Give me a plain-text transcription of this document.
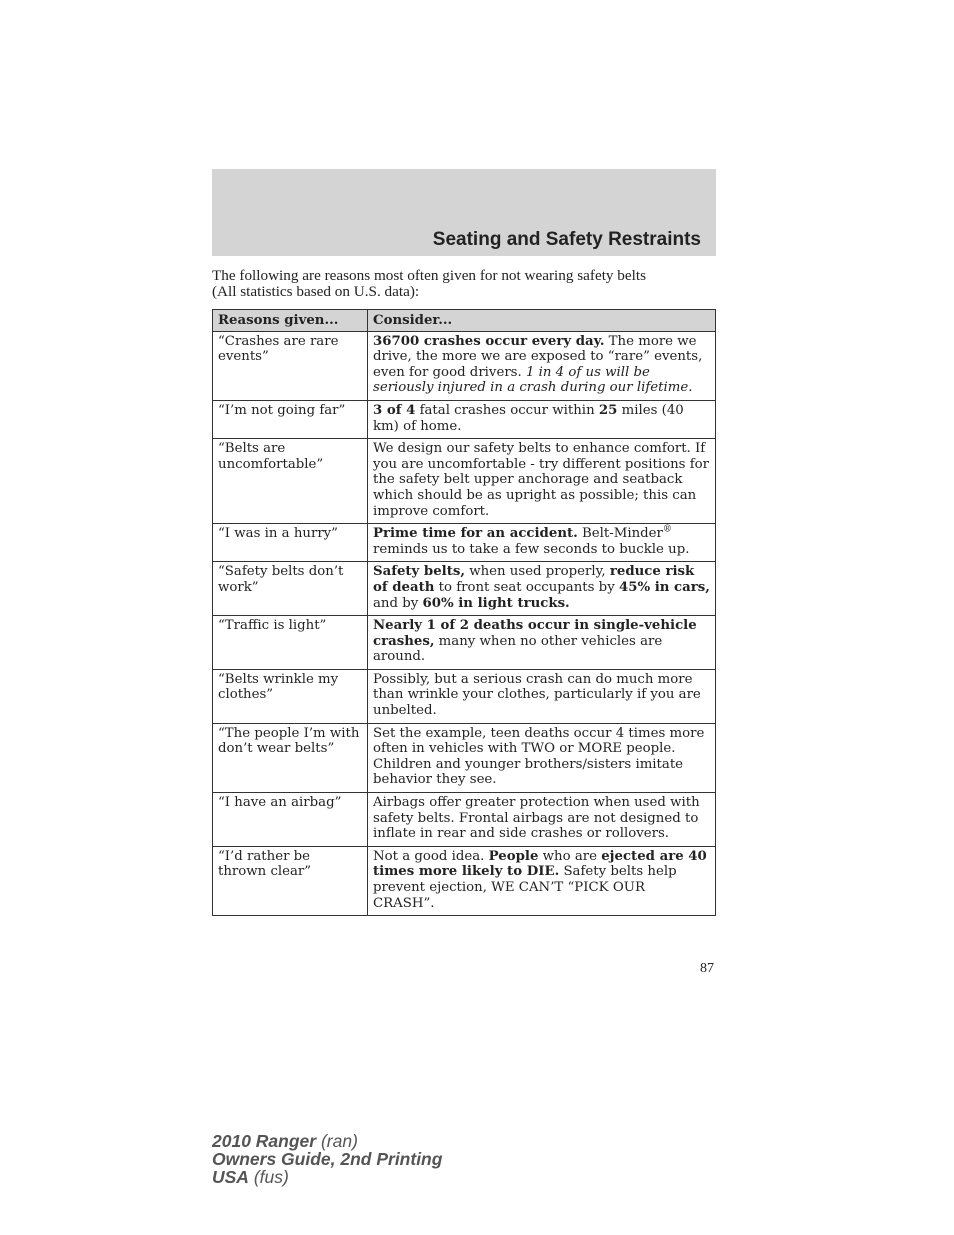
Seating and Safety Restraints

The following are reasons most often given for not wearing safety belts
(All statistics based on U.S. data):

Reasons given...	Consider...
“Crashes are rare events”	36700 crashes occur every day. The more we drive, the more we are exposed to “rare” events, even for good drivers. 1 in 4 of us will be seriously injured in a crash during our lifetime.
“I’m not going far”	3 of 4 fatal crashes occur within 25 miles (40 km) of home.
“Belts are uncomfortable”	We design our safety belts to enhance comfort. If you are uncomfortable - try different positions for the safety belt upper anchorage and seatback which should be as upright as possible; this can improve comfort.
“I was in a hurry”	Prime time for an accident. Belt-Minder® reminds us to take a few seconds to buckle up.
“Safety belts don’t work”	Safety belts, when used properly, reduce risk of death to front seat occupants by 45% in cars, and by 60% in light trucks.
“Traffic is light”	Nearly 1 of 2 deaths occur in single-vehicle crashes, many when no other vehicles are around.
“Belts wrinkle my clothes”	Possibly, but a serious crash can do much more than wrinkle your clothes, particularly if you are unbelted.
“The people I’m with don’t wear belts”	Set the example, teen deaths occur 4 times more often in vehicles with TWO or MORE people. Children and younger brothers/sisters imitate behavior they see.
“I have an airbag”	Airbags offer greater protection when used with safety belts. Frontal airbags are not designed to inflate in rear and side crashes or rollovers.
“I’d rather be thrown clear”	Not a good idea. People who are ejected are 40 times more likely to DIE. Safety belts help prevent ejection, WE CAN’T “PICK OUR CRASH”.
87
2010 Ranger (ran)
Owners Guide, 2nd Printing
USA (fus)
